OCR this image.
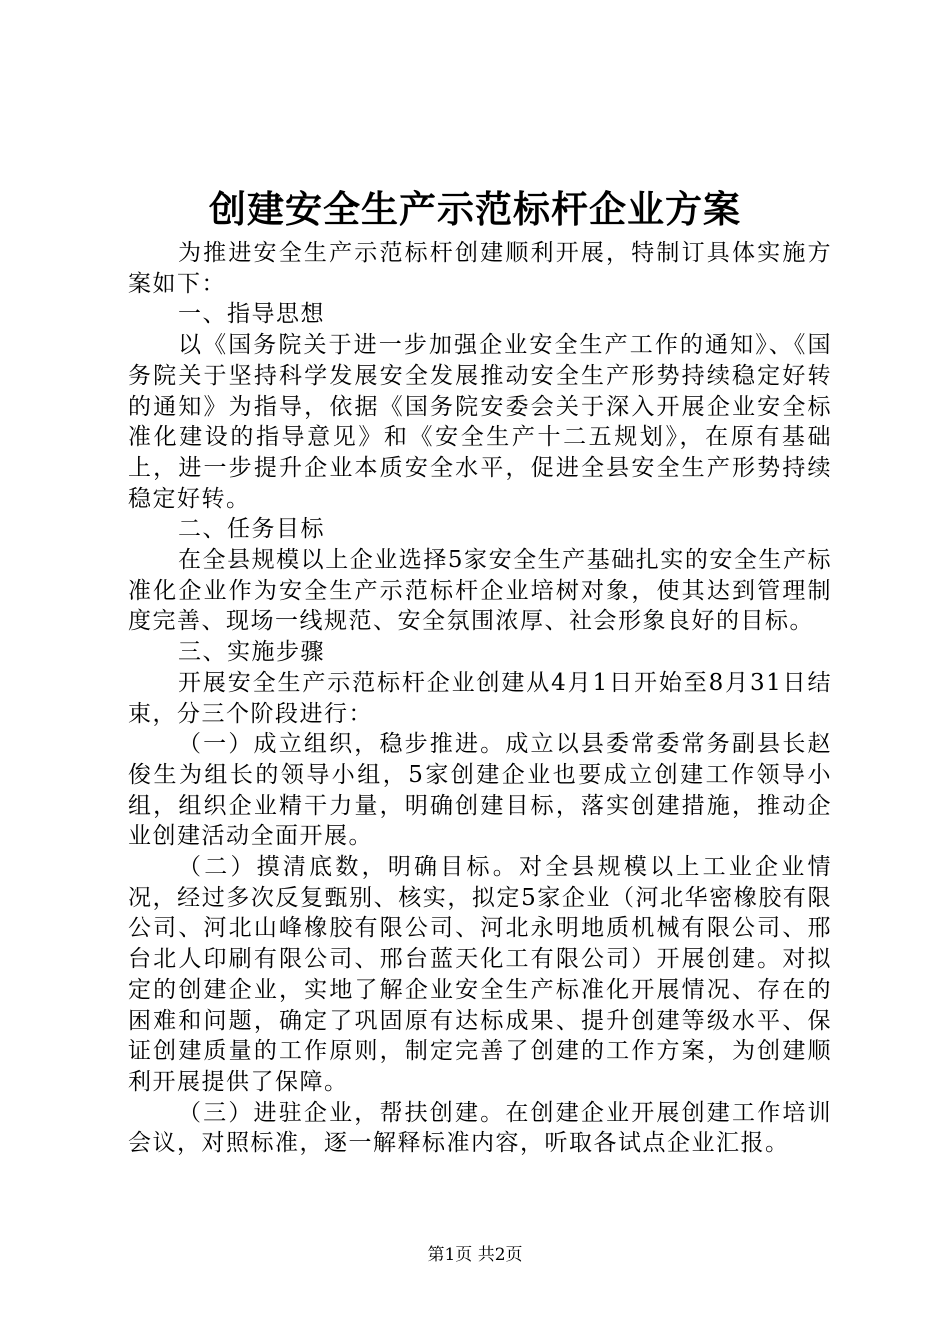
创建安全生产示范标杆企业方案

为推进安全生产示范标杆创建顺利开展，特制订具体实施方案如下：

一、指导思想

以《国务院关于进一步加强企业安全生产工作的通知》、《国务院关于坚持科学发展安全发展推动安全生产形势持续稳定好转的通知》为指导，依据《国务院安委会关于深入开展企业安全标准化建设的指导意见》和《安全生产十二五规划》，在原有基础上，进一步提升企业本质安全水平，促进全县安全生产形势持续稳定好转。

二、任务目标

在全县规模以上企业选择5家安全生产基础扎实的安全生产标准化企业作为安全生产示范标杆企业培树对象，使其达到管理制度完善、现场一线规范、安全氛围浓厚、社会形象良好的目标。

三、实施步骤

开展安全生产示范标杆企业创建从4月1日开始至8月31日结束，分三个阶段进行：

（一）成立组织，稳步推进。成立以县委常委常务副县长赵俊生为组长的领导小组，5家创建企业也要成立创建工作领导小组，组织企业精干力量，明确创建目标，落实创建措施，推动企业创建活动全面开展。

（二）摸清底数，明确目标。对全县规模以上工业企业情况，经过多次反复甄别、核实，拟定5家企业（河北华密橡胶有限公司、河北山峰橡胶有限公司、河北永明地质机械有限公司、邢台北人印刷有限公司、邢台蓝天化工有限公司）开展创建。对拟定的创建企业，实地了解企业安全生产标准化开展情况、存在的困难和问题，确定了巩固原有达标成果、提升创建等级水平、保证创建质量的工作原则，制定完善了创建的工作方案，为创建顺利开展提供了保障。

（三）进驻企业，帮扶创建。在创建企业开展创建工作培训会议，对照标准，逐一解释标准内容，听取各试点企业汇报。

第1页 共2页
